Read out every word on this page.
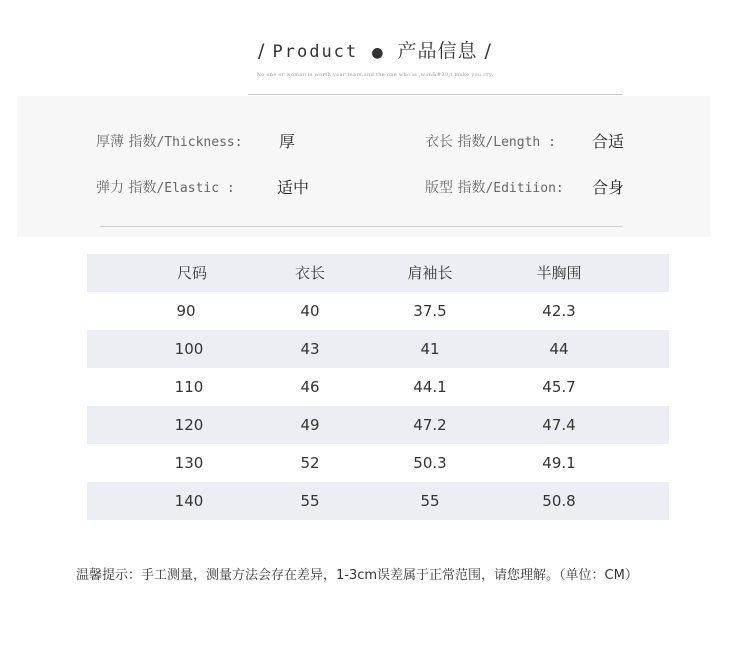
/ Product ● 产品信息 /
No one or woman is worth your tears,and the one who is ,won&#39;t make you cry.
厚薄 指数/Thickness: 厚	衣长 指数/Length : 合适
弹力 指数/Elastic :	适中	版型 指数/Editiion: 合身
尺码	衣长	肩袖长	半胸围
90	40	37.5	42.3
100	43	41	44
110	46	44.1	45.7
120	49	47.2	47.4
130	52	50.3	49.1
140	55	55	50.8
温馨提示：手工测量，测量方法会存在差异，1-3cm误差属于正常范围，请您理解。（单位：CM）
